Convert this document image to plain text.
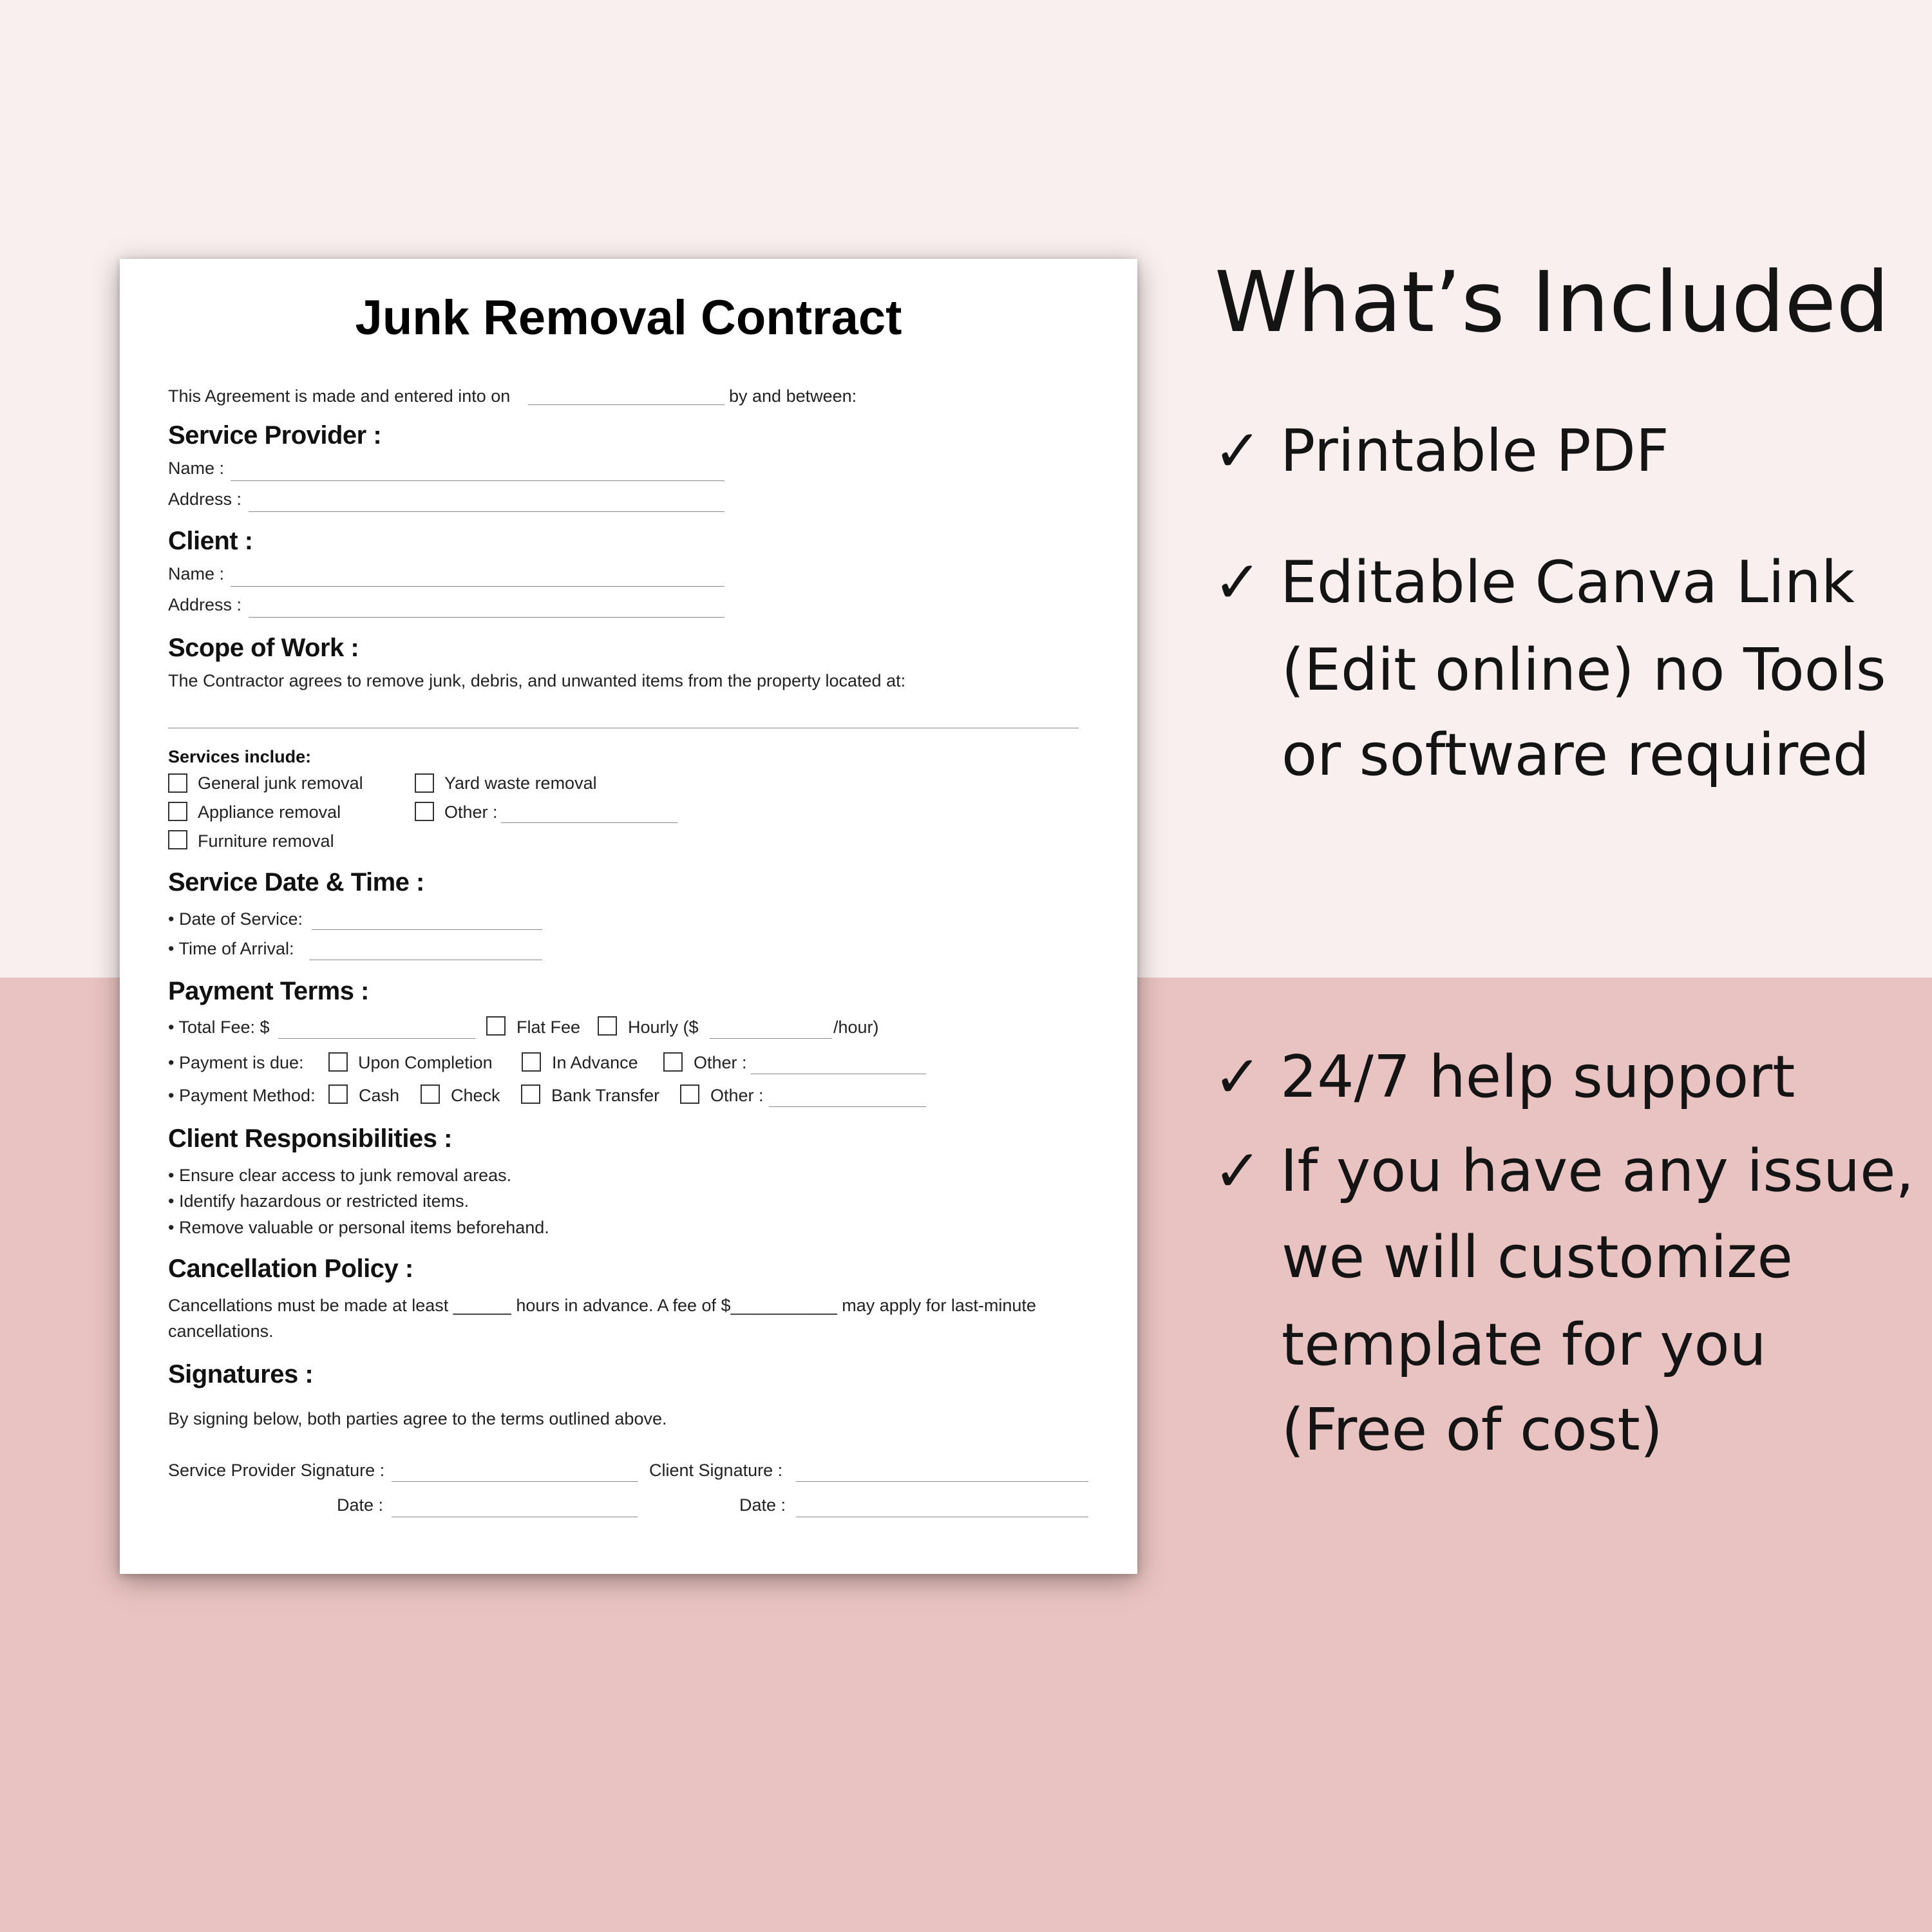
Junk Removal Contract
This Agreement is made and entered into on	by and between:
Service Provider :
Name :
Address :
Client :
Name :
Address :
Scope of Work :
The Contractor agrees to remove junk, debris, and unwanted items from the property located at:
Services include:
General junk removal	Yard waste removal
Appliance removal	Other :
Furniture removal
Service Date & Time :
• Date of Service:
• Time of Arrival:
Payment Terms :
• Total Fee: $	Flat Fee	Hourly ($	/hour)
• Payment is due:	Upon Completion	In Advance	Other :
• Payment Method: Cash	Check	Bank Transfer	Other :
Client Responsibilities :
• Ensure clear access to junk removal areas.
• Identify hazardous or restricted items.
• Remove valuable or personal items beforehand.
Cancellation Policy :
Cancellations must be made at least ______ hours in advance. A fee of $___________ may apply for last-minute
cancellations.
Signatures :
By signing below, both parties agree to the terms outlined above.
Service Provider Signature :	Client Signature :
Date :	Date :
What’s Included
✓ Printable PDF
✓ Editable Canva Link
(Edit online) no Tools
or software required
✓ 24/7 help support
✓ If you have any issue,
we will customize
template for you
(Free of cost)
